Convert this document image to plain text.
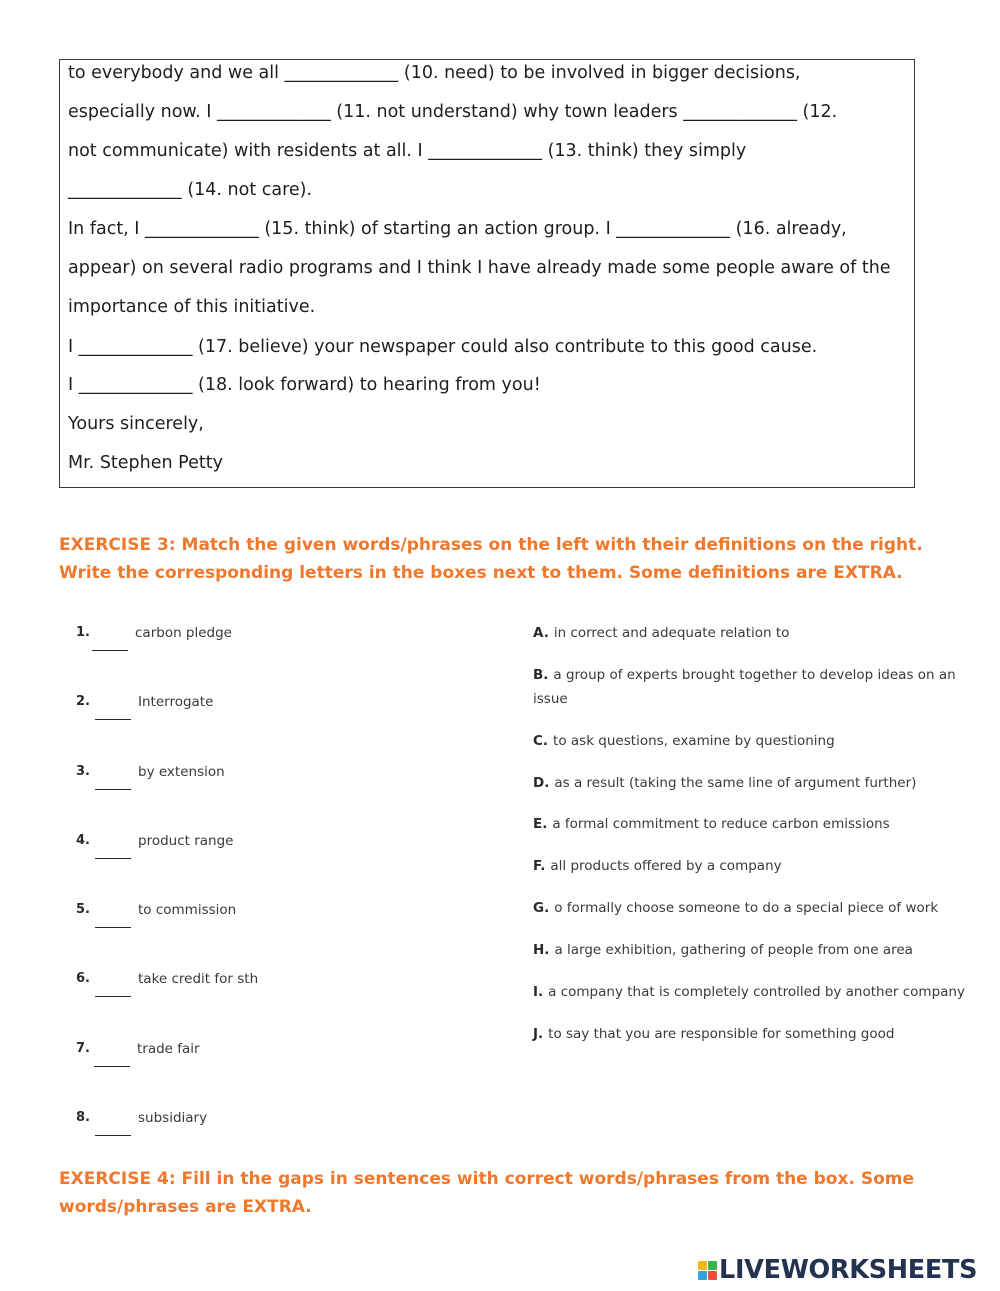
to everybody and we all _____________ (10. need) to be involved in bigger decisions,
especially now. I _____________ (11. not understand) why town leaders _____________ (12.
not communicate) with residents at all. I _____________ (13. think) they simply
_____________ (14. not care).
In fact, I _____________ (15. think) of starting an action group. I _____________ (16. already,
appear) on several radio programs and I think I have already made some people aware of the
importance of this initiative.
I _____________ (17. believe) your newspaper could also contribute to this good cause.
I _____________ (18. look forward) to hearing from you!
Yours sincerely,
Mr. Stephen Petty
EXERCISE 3: Match the given words/phrases on the left with their definitions on the right.
Write the corresponding letters in the boxes next to them. Some definitions are EXTRA.
1.	carbon pledge
2.	Interrogate
3.	by extension
4.	product range
5.	to commission
6.	take credit for sth
7.	trade fair
8.	subsidiary
A. in correct and adequate relation to
B. a group of experts brought together to develop ideas on an
issue
C. to ask questions, examine by questioning
D. as a result (taking the same line of argument further)
E. a formal commitment to reduce carbon emissions
F. all products offered by a company
G. o formally choose someone to do a special piece of work
H. a large exhibition, gathering of people from one area
I. a company that is completely controlled by another company
J. to say that you are responsible for something good
EXERCISE 4: Fill in the gaps in sentences with correct words/phrases from the box. Some
words/phrases are EXTRA.
LIVEWORKSHEETS
